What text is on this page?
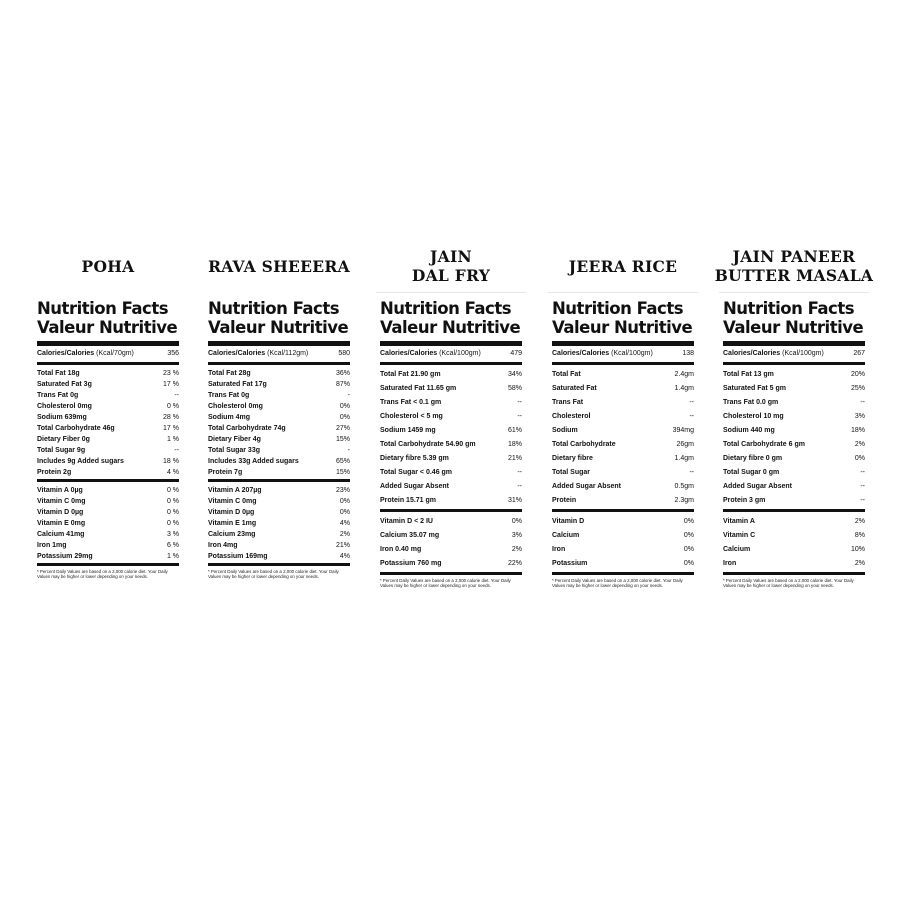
POHA
Nutrition Facts
Valeur Nutritive
Calories/Calories (Kcal/70gm)	356
Total Fat 18g	23 %
Saturated Fat 3g	17 %
Trans Fat 0g	--
Cholesterol 0mg	0 %
Sodium 639mg	28 %
Total Carbohydrate 46g	17 %
Dietary Fiber 0g	1 %
Total Sugar 9g	--
Includes 9g Added sugars	18 %
Protein 2g	4 %
Vitamin A 0µg	0 %
Vitamin C 0mg	0 %
Vitamin D 0µg	0 %
Vitamin E 0mg	0 %
Calcium 41mg	3 %
Iron 1mg	6 %
Potassium 29mg	1 %
* Percent Daily Values are based on a 2,000 calorie diet. Your Daily Values may be higher or lower depending on your needs.
RAVA SHEEERA
Nutrition Facts
Valeur Nutritive
Calories/Calories (Kcal/112gm)	580
Total Fat 28g	36%
Saturated Fat 17g	87%
Trans Fat 0g	-
Cholesterol 0mg	0%
Sodium 4mg	0%
Total Carbohydrate 74g	27%
Dietary Fiber 4g	15%
Total Sugar 33g	-
Includes 33g Added sugars	65%
Protein 7g	15%
Vitamin A 207µg	23%
Vitamin C 0mg	0%
Vitamin D 0µg	0%
Vitamin E 1mg	4%
Calcium 23mg	2%
Iron 4mg	21%
Potassium 169mg	4%
* Percent Daily Values are based on a 2,000 calorie diet. Your Daily Values may be higher or lower depending on your needs.
JAIN
DAL FRY
Nutrition Facts
Valeur Nutritive
Calories/Calories (Kcal/100gm)	479
Total Fat 21.90 gm	34%
Saturated Fat 11.65 gm	58%
Trans Fat < 0.1 gm	--
Cholesterol < 5 mg	--
Sodium 1459 mg	61%
Total Carbohydrate 54.90 gm	18%
Dietary fibre 5.39 gm	21%
Total Sugar < 0.46 gm	--
Added Sugar Absent	--
Protein 15.71 gm	31%
Vitamin D < 2 IU	0%
Calcium 35.07 mg	3%
Iron 0.40 mg	2%
Potassium 760 mg	22%
* Percent Daily Values are based on a 2,000 calorie diet. Your Daily Values may be higher or lower depending on your needs.
JEERA RICE
Nutrition Facts
Valeur Nutritive
Calories/Calories (Kcal/100gm)	138
Total Fat	2.4gm
Saturated Fat	1.4gm
Trans Fat	--
Cholesterol	--
Sodium	394mg
Total Carbohydrate	26gm
Dietary fibre	1.4gm
Total Sugar	--
Added Sugar Absent	0.5gm
Protein	2.3gm
Vitamin D	0%
Calcium	0%
Iron	0%
Potassium	0%
* Percent Daily Values are based on a 2,000 calorie diet. Your Daily Values may be higher or lower depending on your needs.
JAIN PANEER
BUTTER MASALA
Nutrition Facts
Valeur Nutritive
Calories/Calories (Kcal/100gm)	267
Total Fat 13 gm	20%
Saturated Fat 5 gm	25%
Trans Fat 0.0 gm	--
Cholesterol 10 mg	3%
Sodium 440 mg	18%
Total Carbohydrate 6 gm	2%
Dietary fibre 0 gm	0%
Total Sugar 0 gm	--
Added Sugar Absent	--
Protein 3 gm	--
Vitamin A	2%
Vitamin C	8%
Calcium	10%
Iron	2%
* Percent Daily Values are based on a 2,000 calorie diet. Your Daily Values may be higher or lower depending on your needs.
